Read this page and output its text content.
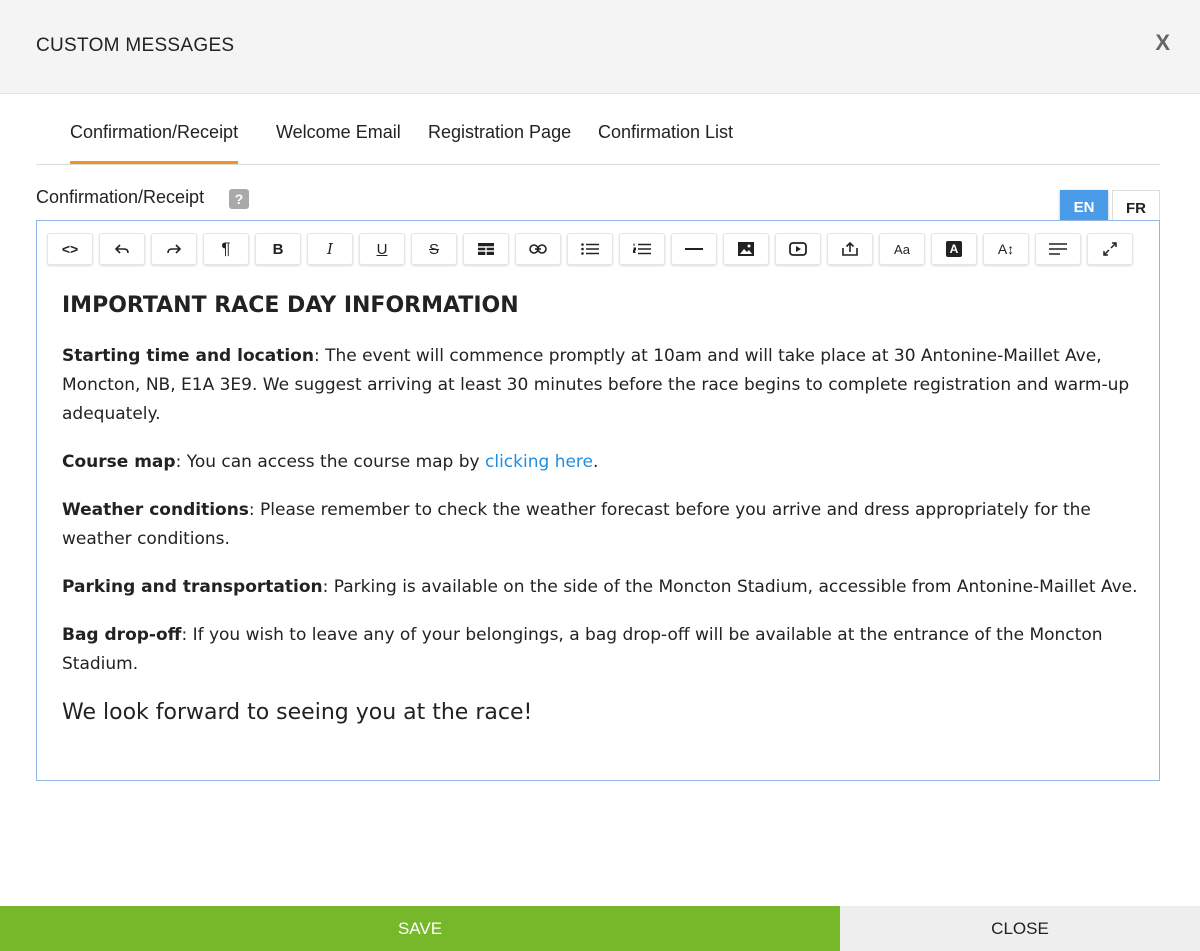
CUSTOM MESSAGES	X
Confirmation/Receipt Welcome Email Registration Page Confirmation List
Confirmation/Receipt	?	EN	FR
<>	¶	B	I	U	S	Aa	A	A↕
IMPORTANT RACE DAY INFORMATION

Starting time and location: The event will commence promptly at 10am and will take place at 30 Antonine-Maillet Ave, Moncton, NB, E1A 3E9. We suggest arriving at least 30 minutes before the race begins to complete registration and warm-up adequately.

Course map: You can access the course map by clicking here.

Weather conditions: Please remember to check the weather forecast before you arrive and dress appropriately for the weather conditions.

Parking and transportation: Parking is available on the side of the Moncton Stadium, accessible from Antonine-Maillet Ave.

Bag drop-off: If you wish to leave any of your belongings, a bag drop-off will be available at the entrance of the Moncton Stadium.

We look forward to seeing you at the race!

SAVE	CLOSE
